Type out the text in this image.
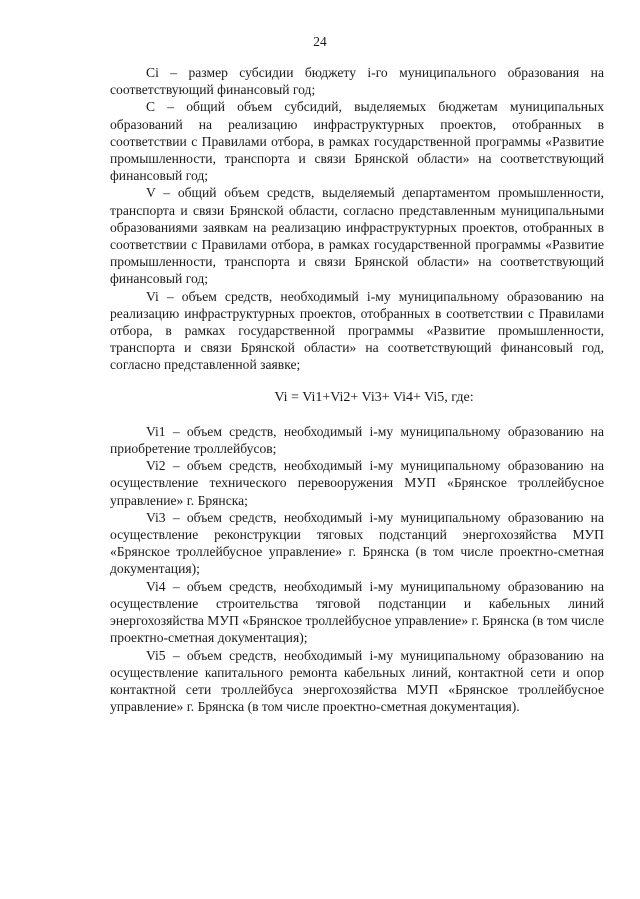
24

Ci – размер субсидии бюджету i-го муниципального образования на соответствующий финансовый год;

C – общий объем субсидий, выделяемых бюджетам муниципальных образований на реализацию инфраструктурных проектов, отобранных в соответствии с Правилами отбора, в рамках государственной программы «Развитие промышленности, транспорта и связи Брянской области» на соответствующий финансовый год;

V – общий объем средств, выделяемый департаментом промышленности, транспорта и связи Брянской области, согласно представленным муниципальными образованиями заявкам на реализацию инфраструктурных проектов, отобранных в соответствии с Правилами отбора, в рамках государственной программы «Развитие промышленности, транспорта и связи Брянской области» на соответствующий финансовый год;

Vi – объем средств, необходимый i-му муниципальному образованию на реализацию инфраструктурных проектов, отобранных в соответствии с Правилами отбора, в рамках государственной программы «Развитие промышленности, транспорта и связи Брянской области» на соответствующий финансовый год, согласно представленной заявке;

Vi = Vi1+Vi2+ Vi3+ Vi4+ Vi5, где:

Vi1 – объем средств, необходимый i-му муниципальному образованию на приобретение троллейбусов;

Vi2 – объем средств, необходимый i-му муниципальному образованию на осуществление технического перевооружения МУП «Брянское троллейбусное управление» г. Брянска;

Vi3 – объем средств, необходимый i-му муниципальному образованию на осуществление реконструкции тяговых подстанций энергохозяйства МУП «Брянское троллейбусное управление» г. Брянска (в том числе проектно-сметная документация);

Vi4 – объем средств, необходимый i-му муниципальному образованию на осуществление строительства тяговой подстанции и кабельных линий энергохозяйства МУП «Брянское троллейбусное управление» г. Брянска (в том числе проектно-сметная документация);

Vi5 – объем средств, необходимый i-му муниципальному образованию на осуществление капитального ремонта кабельных линий, контактной сети и опор контактной сети троллейбуса энергохозяйства МУП «Брянское троллейбусное управление» г. Брянска (в том числе проектно-сметная документация).
